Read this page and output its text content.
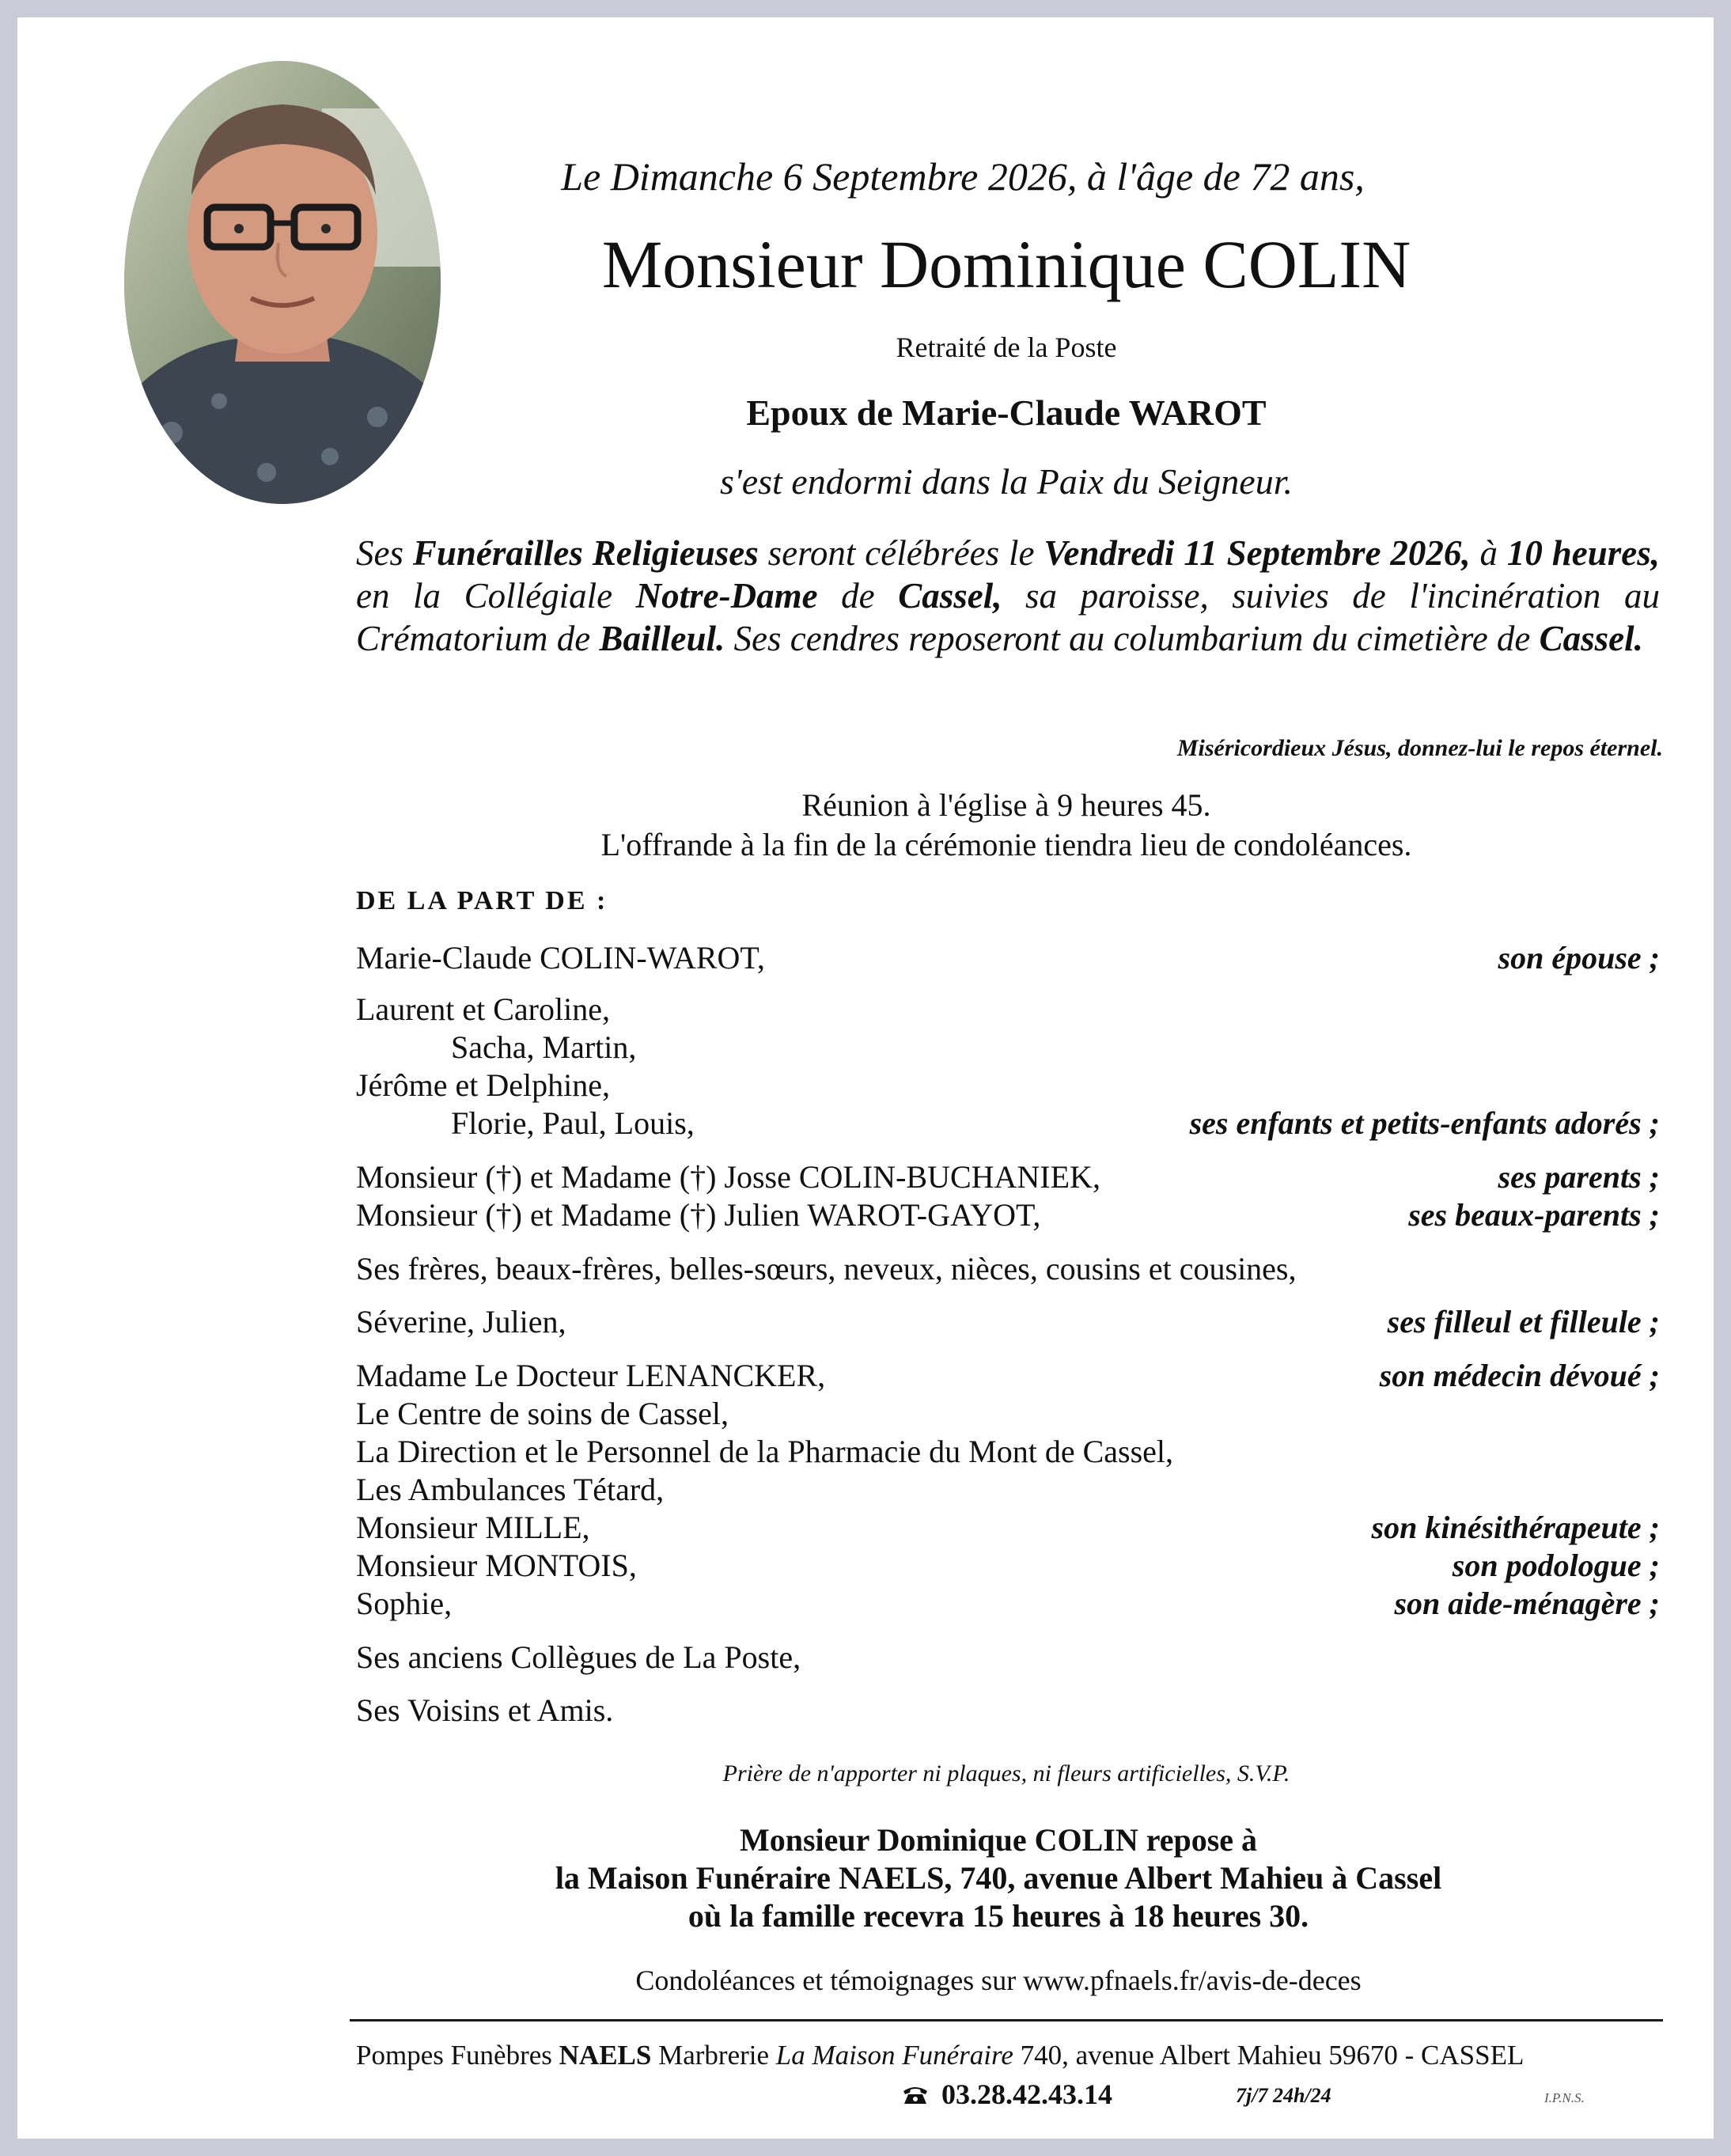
Le Dimanche 6 Septembre 2026, à l'âge de 72 ans,
Monsieur Dominique COLIN
Retraité de la Poste
Epoux de Marie-Claude WAROT
s'est endormi dans la Paix du Seigneur.
Ses Funérailles Religieuses seront célébrées le Vendredi 11 Septembre 2026, à 10 heures, en la Collégiale Notre-Dame de Cassel, sa paroisse, suivies de l'incinération au Crématorium de Bailleul. Ses cendres reposeront au columbarium du cimetière de Cassel.
Miséricordieux Jésus, donnez-lui le repos éternel.
Réunion à l'église à 9 heures 45.
L'offrande à la fin de la cérémonie tiendra lieu de condoléances.
DE LA PART DE :
Marie-Claude COLIN-WAROT,	son épouse ;
Laurent et Caroline,
Sacha, Martin,
Jérôme et Delphine,
Florie, Paul, Louis,	ses enfants et petits-enfants adorés ;
Monsieur (†) et Madame (†) Josse COLIN-BUCHANIEK,	ses parents ;
Monsieur (†) et Madame (†) Julien WAROT-GAYOT,	ses beaux-parents ;
Ses frères, beaux-frères, belles-sœurs, neveux, nièces, cousins et cousines,
Séverine, Julien,	ses filleul et filleule ;
Madame Le Docteur LENANCKER,	son médecin dévoué ;
Le Centre de soins de Cassel,
La Direction et le Personnel de la Pharmacie du Mont de Cassel,
Les Ambulances Tétard,
Monsieur MILLE,	son kinésithérapeute ;
Monsieur MONTOIS,	son podologue ;
Sophie,	son aide-ménagère ;
Ses anciens Collègues de La Poste,
Ses Voisins et Amis.
Prière de n'apporter ni plaques, ni fleurs artificielles, S.V.P.
Monsieur Dominique COLIN repose à
la Maison Funéraire NAELS, 740, avenue Albert Mahieu à Cassel
où la famille recevra 15 heures à 18 heures 30.
Condoléances et témoignages sur www.pfnaels.fr/avis-de-deces
Pompes Funèbres NAELS Marbrerie La Maison Funéraire 740, avenue Albert Mahieu 59670 - CASSEL
03.28.42.43.14	7j/7 24h/24	I.P.N.S.
